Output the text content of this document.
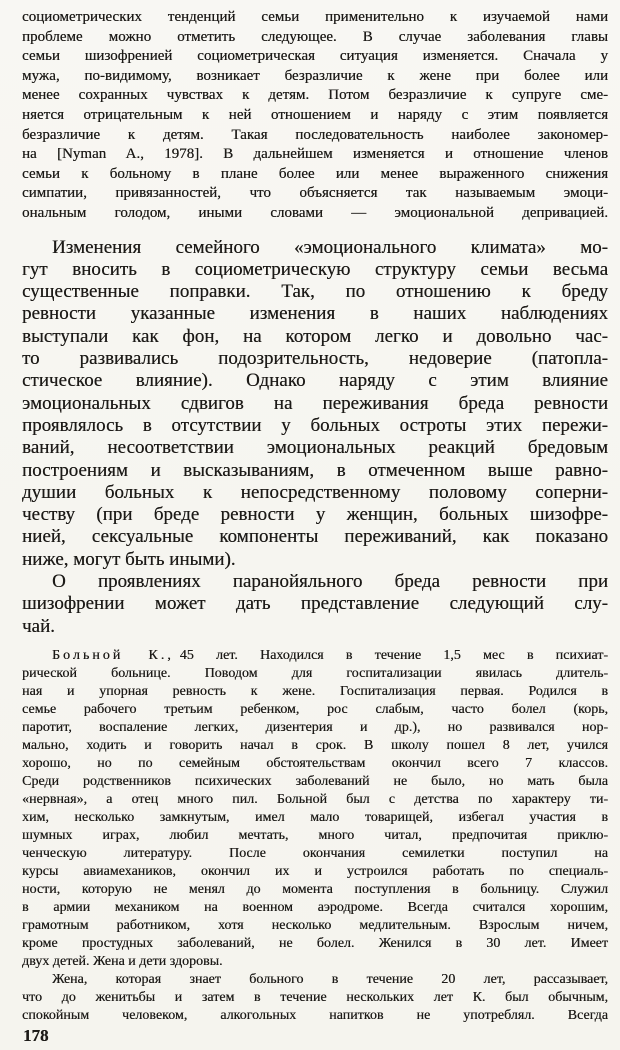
социометрических тенденций семьи применительно к изучаемой нами
проблеме можно отметить следующее. В случае заболевания главы
семьи шизофренией социометрическая ситуация изменяется. Сначала у
мужа, по-видимому, возникает безразличие к жене при более или
менее сохранных чувствах к детям. Потом безразличие к супруге сме-
няется отрицательным к ней отношением и наряду с этим появляется
безразличие к детям. Такая последовательность наиболее закономер-
на [Nyman A., 1978]. В дальнейшем изменяется и отношение членов
семьи к больному в плане более или менее выраженного снижения
симпатии, привязанностей, что объясняется так называемым эмоци-
ональным голодом, иными словами — эмоциональной депривацией.
Изменения семейного «эмоционального климата» мо-
гут вносить в социометрическую структуру семьи весьма
существенные поправки. Так, по отношению к бреду
ревности указанные изменения в наших наблюдениях
выступали как фон, на котором легко и довольно час-
то развивались подозрительность, недоверие (патопла-
стическое влияние). Однако наряду с этим влияние
эмоциональных сдвигов на переживания бреда ревности
проявлялось в отсутствии у больных остроты этих пережи-
ваний, несоответствии эмоциональных реакций бредовым
построениям и высказываниям, в отмеченном выше равно-
душии больных к непосредственному половому соперни-
честву (при бреде ревности у женщин, больных шизофре-
нией, сексуальные компоненты переживаний, как показано
ниже, могут быть иными).
О проявлениях паранойяльного бреда ревности при
шизофрении может дать представление следующий слу-
чай.
Больной К., 45 лет. Находился в течение 1,5 мес в психиат-
рической больнице. Поводом для госпитализации явилась длитель-
ная и упорная ревность к жене. Госпитализация первая. Родился в
семье рабочего третьим ребенком, рос слабым, часто болел (корь,
паротит, воспаление легких, дизентерия и др.), но развивался нор-
мально, ходить и говорить начал в срок. В школу пошел 8 лет, учился
хорошо, но по семейным обстоятельствам окончил всего 7 классов.
Среди родственников психических заболеваний не было, но мать была
«нервная», а отец много пил. Больной был с детства по характеру ти-
хим, несколько замкнутым, имел мало товарищей, избегал участия в
шумных играх, любил мечтать, много читал, предпочитая приклю-
ченческую литературу. После окончания семилетки поступил на
курсы авиамехаников, окончил их и устроился работать по специаль-
ности, которую не менял до момента поступления в больницу. Служил
в армии механиком на военном аэродроме. Всегда считался хорошим,
грамотным работником, хотя несколько медлительным. Взрослым ничем,
кроме простудных заболеваний, не болел. Женился в 30 лет. Имеет
двух детей. Жена и дети здоровы.
Жена, которая знает больного в течение 20 лет, рассазывает,
что до женитьбы и затем в течение нескольких лет К. был обычным,
спокойным человеком, алкогольных напитков не употреблял. Всегда
178
